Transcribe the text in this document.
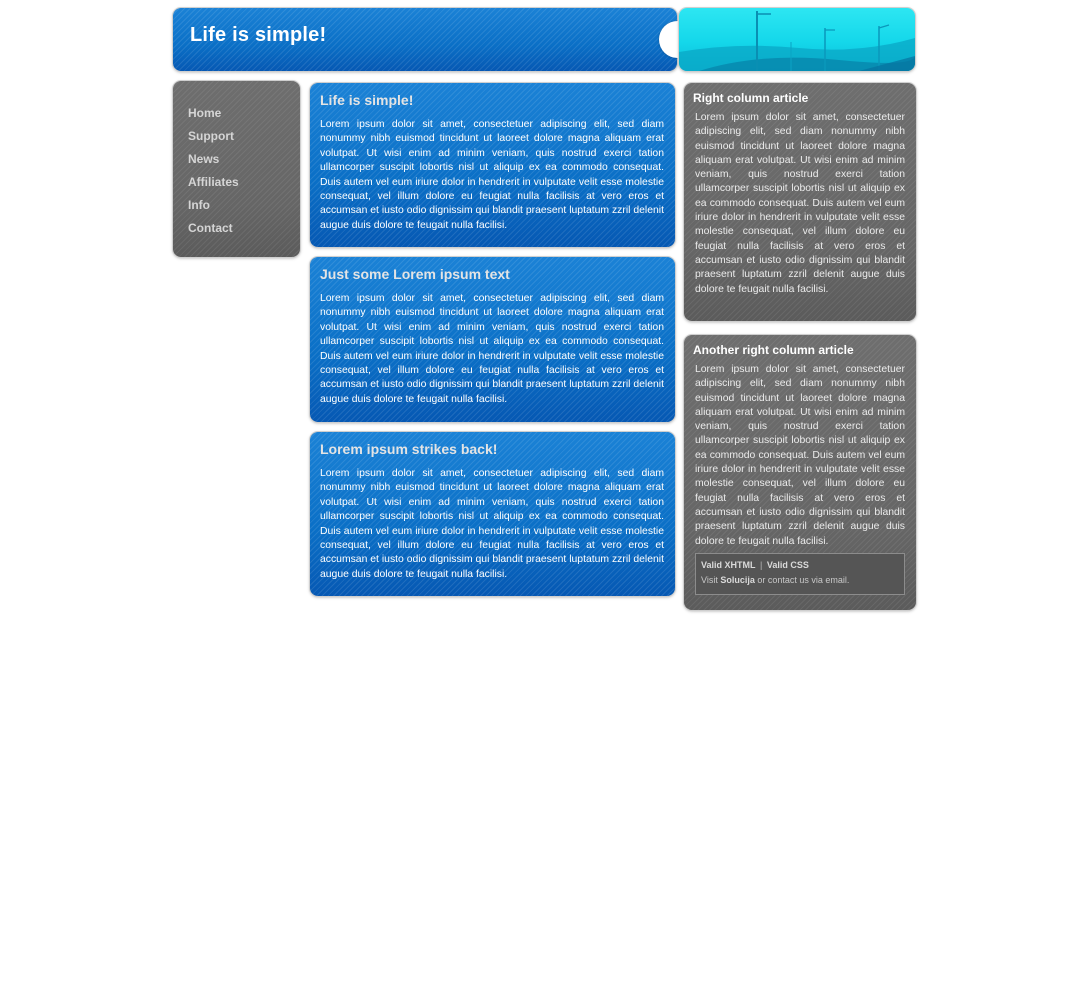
Life is simple!
Home
Support
News
Affiliates
Info
Contact
Life is simple!

Lorem ipsum dolor sit amet, consectetuer adipiscing elit, sed diam nonummy nibh euismod tincidunt ut laoreet dolore magna aliquam erat volutpat. Ut wisi enim ad minim veniam, quis nostrud exerci tation ullamcorper suscipit lobortis nisl ut aliquip ex ea commodo consequat. Duis autem vel eum iriure dolor in hendrerit in vulputate velit esse molestie consequat, vel illum dolore eu feugiat nulla facilisis at vero eros et accumsan et iusto odio dignissim qui blandit praesent luptatum zzril delenit augue duis dolore te feugait nulla facilisi.

Just some Lorem ipsum text

Lorem ipsum dolor sit amet, consectetuer adipiscing elit, sed diam nonummy nibh euismod tincidunt ut laoreet dolore magna aliquam erat volutpat. Ut wisi enim ad minim veniam, quis nostrud exerci tation ullamcorper suscipit lobortis nisl ut aliquip ex ea commodo consequat. Duis autem vel eum iriure dolor in hendrerit in vulputate velit esse molestie consequat, vel illum dolore eu feugiat nulla facilisis at vero eros et accumsan et iusto odio dignissim qui blandit praesent luptatum zzril delenit augue duis dolore te feugait nulla facilisi.

Lorem ipsum strikes back!

Lorem ipsum dolor sit amet, consectetuer adipiscing elit, sed diam nonummy nibh euismod tincidunt ut laoreet dolore magna aliquam erat volutpat. Ut wisi enim ad minim veniam, quis nostrud exerci tation ullamcorper suscipit lobortis nisl ut aliquip ex ea commodo consequat. Duis autem vel eum iriure dolor in hendrerit in vulputate velit esse molestie consequat, vel illum dolore eu feugiat nulla facilisis at vero eros et accumsan et iusto odio dignissim qui blandit praesent luptatum zzril delenit augue duis dolore te feugait nulla facilisi.

Right column article

Lorem ipsum dolor sit amet, consectetuer adipiscing elit, sed diam nonummy nibh euismod tincidunt ut laoreet dolore magna aliquam erat volutpat. Ut wisi enim ad minim veniam, quis nostrud exerci tation ullamcorper suscipit lobortis nisl ut aliquip ex ea commodo consequat. Duis autem vel eum iriure dolor in hendrerit in vulputate velit esse molestie consequat, vel illum dolore eu feugiat nulla facilisis at vero eros et accumsan et iusto odio dignissim qui blandit praesent luptatum zzril delenit augue duis dolore te feugait nulla facilisi.

Another right column article

Lorem ipsum dolor sit amet, consectetuer adipiscing elit, sed diam nonummy nibh euismod tincidunt ut laoreet dolore magna aliquam erat volutpat. Ut wisi enim ad minim veniam, quis nostrud exerci tation ullamcorper suscipit lobortis nisl ut aliquip ex ea commodo consequat. Duis autem vel eum iriure dolor in hendrerit in vulputate velit esse molestie consequat, vel illum dolore eu feugiat nulla facilisis at vero eros et accumsan et iusto odio dignissim qui blandit praesent luptatum zzril delenit augue duis dolore te feugait nulla facilisi.

Valid XHTML | Valid CSS
Visit Solucija or contact us via email.
